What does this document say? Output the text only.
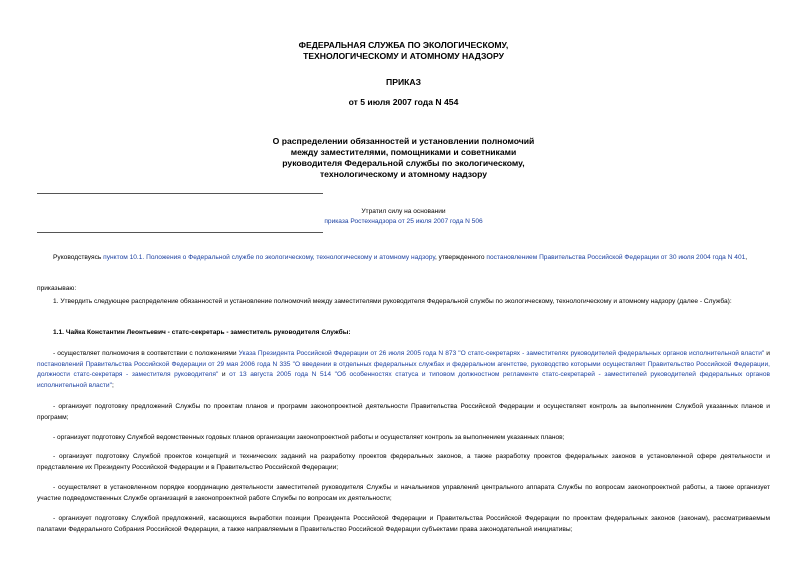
ФЕДЕРАЛЬНАЯ СЛУЖБА ПО ЭКОЛОГИЧЕСКОМУ,
ТЕХНОЛОГИЧЕСКОМУ И АТОМНОМУ НАДЗОРУ
ПРИКАЗ
от 5 июля 2007 года N 454
О распределении обязанностей и установлении полномочий
между заместителями, помощниками и советниками
руководителя Федеральной службы по экологическому,
технологическому и атомному надзору
Утратил силу на основании
приказа Ростехнадзора от 25 июля 2007 года N 506
Руководствуясь пунктом 10.1. Положения о Федеральной службе по экологическому, технологическому и атомному надзору, утвержденного постановлением Правительства Российской Федерации от 30 июля 2004 года N 401,
приказываю:
1. Утвердить следующее распределение обязанностей и установление полномочий между заместителями руководителя Федеральной службы по экологическому, технологическому и атомному надзору (далее - Служба):
1.1. Чайка Константин Леонтьевич - статс-секретарь - заместитель руководителя Службы:
- осуществляет полномочия в соответствии с положениями Указа Президента Российской Федерации от 26 июля 2005 года N 873 "О статс-секретарях - заместителях руководителей федеральных органов исполнительной власти" и постановлений Правительства Российской Федерации от 29 мая 2006 года N 335 "О введении в отдельных федеральных службах и федеральном агентстве, руководство которыми осуществляет Правительство Российской Федерации, должности статс-секретаря - заместителя руководителя" и от 13 августа 2005 года N 514 "Об особенностях статуса и типовом должностном регламенте статс-секретарей - заместителей руководителей федеральных органов исполнительной власти";
- организует подготовку предложений Службы по проектам планов и программ законопроектной деятельности Правительства Российской Федерации и осуществляет контроль за выполнением Службой указанных планов и программ;
- организует подготовку Службой ведомственных годовых планов организации законопроектной работы и осуществляет контроль за выполнением указанных планов;
- организует подготовку Службой проектов концепций и технических заданий на разработку проектов федеральных законов, а также разработку проектов федеральных законов в установленной сфере деятельности и представление их Президенту Российской Федерации и в Правительство Российской Федерации;
- осуществляет в установленном порядке координацию деятельности заместителей руководителя Службы и начальников управлений центрального аппарата Службы по вопросам законопроектной работы, а также организует участие подведомственных Службе организаций в законопроектной работе Службы по вопросам их деятельности;
- организует подготовку Службой предложений, касающихся выработки позиции Президента Российской Федерации и Правительства Российской Федерации по проектам федеральных законов (законам), рассматриваемым палатами Федерального Собрания Российской Федерации, а также направляемым в Правительство Российской Федерации субъектами права законодательной инициативы;
